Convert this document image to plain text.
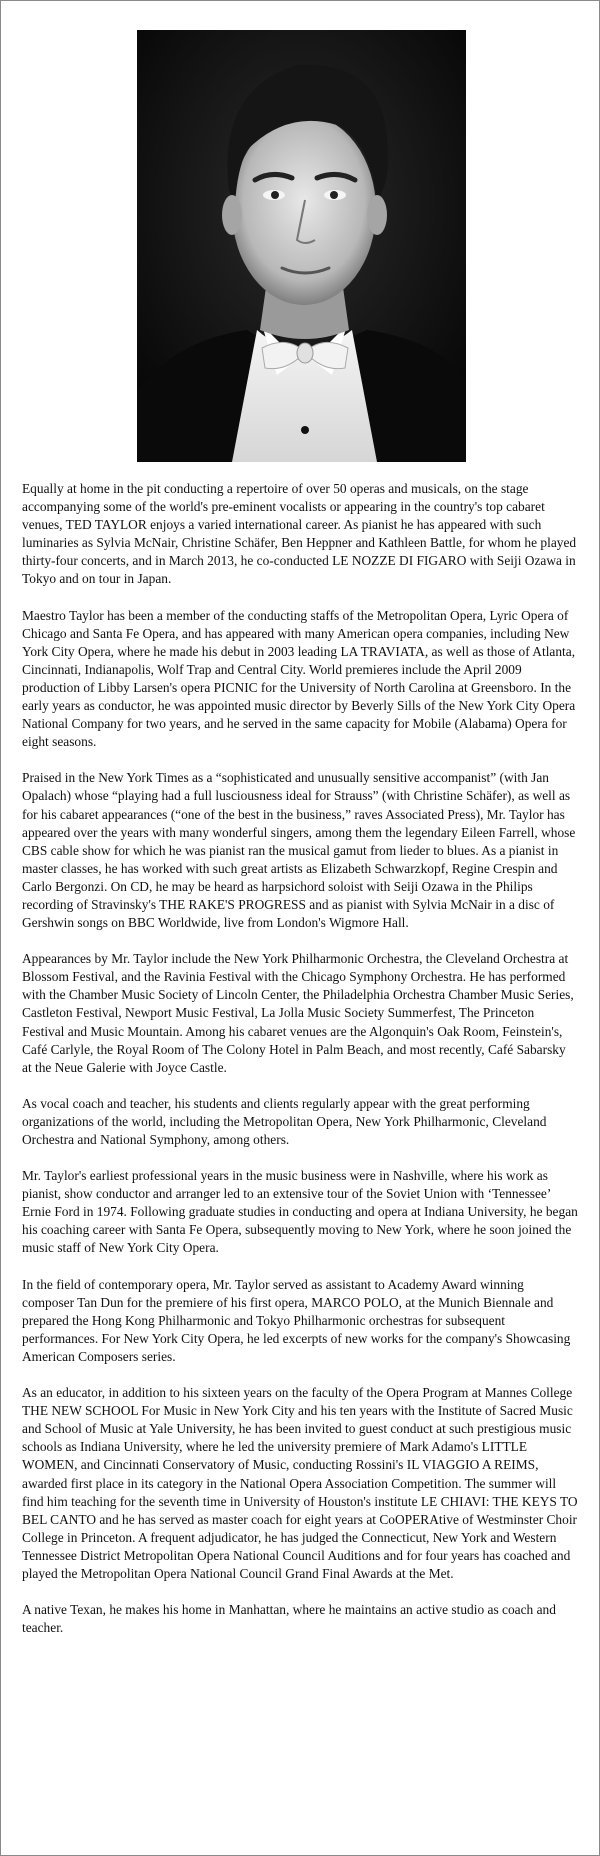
Equally at home in the pit conducting a repertoire of over 50 operas and musicals, on the stage accompanying some of the world's pre-eminent vocalists or appearing in the country's top cabaret venues, TED TAYLOR enjoys a varied international career. As pianist he has appeared with such luminaries as Sylvia McNair, Christine Schäfer, Ben Heppner and Kathleen Battle, for whom he played thirty-four concerts, and in March 2013, he co-conducted LE NOZZE DI FIGARO with Seiji Ozawa in Tokyo and on tour in Japan.

Maestro Taylor has been a member of the conducting staffs of the Metropolitan Opera, Lyric Opera of Chicago and Santa Fe Opera, and has appeared with many American opera companies, including New York City Opera, where he made his debut in 2003 leading LA TRAVIATA, as well as those of Atlanta, Cincinnati, Indianapolis, Wolf Trap and Central City. World premieres include the April 2009 production of Libby Larsen's opera PICNIC for the University of North Carolina at Greensboro. In the early years as conductor, he was appointed music director by Beverly Sills of the New York City Opera National Company for two years, and he served in the same capacity for Mobile (Alabama) Opera for eight seasons.

Praised in the New York Times as a “sophisticated and unusually sensitive accompanist” (with Jan Opalach) whose “playing had a full lusciousness ideal for Strauss” (with Christine Schäfer), as well as for his cabaret appearances (“one of the best in the business,” raves Associated Press), Mr. Taylor has appeared over the years with many wonderful singers, among them the legendary Eileen Farrell, whose CBS cable show for which he was pianist ran the musical gamut from lieder to blues. As a pianist in master classes, he has worked with such great artists as Elizabeth Schwarzkopf, Regine Crespin and Carlo Bergonzi. On CD, he may be heard as harpsichord soloist with Seiji Ozawa in the Philips recording of Stravinsky's THE RAKE'S PROGRESS and as pianist with Sylvia McNair in a disc of Gershwin songs on BBC Worldwide, live from London's Wigmore Hall.

Appearances by Mr. Taylor include the New York Philharmonic Orchestra, the Cleveland Orchestra at Blossom Festival, and the Ravinia Festival with the Chicago Symphony Orchestra. He has performed with the Chamber Music Society of Lincoln Center, the Philadelphia Orchestra Chamber Music Series, Castleton Festival, Newport Music Festival, La Jolla Music Society Summerfest, The Princeton Festival and Music Mountain. Among his cabaret venues are the Algonquin's Oak Room, Feinstein's, Café Carlyle, the Royal Room of The Colony Hotel in Palm Beach, and most recently, Café Sabarsky at the Neue Galerie with Joyce Castle.

As vocal coach and teacher, his students and clients regularly appear with the great performing organizations of the world, including the Metropolitan Opera, New York Philharmonic, Cleveland Orchestra and National Symphony, among others.

Mr. Taylor's earliest professional years in the music business were in Nashville, where his work as pianist, show conductor and arranger led to an extensive tour of the Soviet Union with ‘Tennessee’ Ernie Ford in 1974. Following graduate studies in conducting and opera at Indiana University, he began his coaching career with Santa Fe Opera, subsequently moving to New York, where he soon joined the music staff of New York City Opera.

In the field of contemporary opera, Mr. Taylor served as assistant to Academy Award winning composer Tan Dun for the premiere of his first opera, MARCO POLO, at the Munich Biennale and prepared the Hong Kong Philharmonic and Tokyo Philharmonic orchestras for subsequent performances. For New York City Opera, he led excerpts of new works for the company's Showcasing American Composers series.

As an educator, in addition to his sixteen years on the faculty of the Opera Program at Mannes College THE NEW SCHOOL For Music in New York City and his ten years with the Institute of Sacred Music and School of Music at Yale University, he has been invited to guest conduct at such prestigious music schools as Indiana University, where he led the university premiere of Mark Adamo's LITTLE WOMEN, and Cincinnati Conservatory of Music, conducting Rossini's IL VIAGGIO A REIMS, awarded first place in its category in the National Opera Association Competition. The summer will find him teaching for the seventh time in University of Houston's institute LE CHIAVI: THE KEYS TO BEL CANTO and he has served as master coach for eight years at CoOPERAtive of Westminster Choir College in Princeton. A frequent adjudicator, he has judged the Connecticut, New York and Western Tennessee District Metropolitan Opera National Council Auditions and for four years has coached and played the Metropolitan Opera National Council Grand Final Awards at the Met.

A native Texan, he makes his home in Manhattan, where he maintains an active studio as coach and teacher.
